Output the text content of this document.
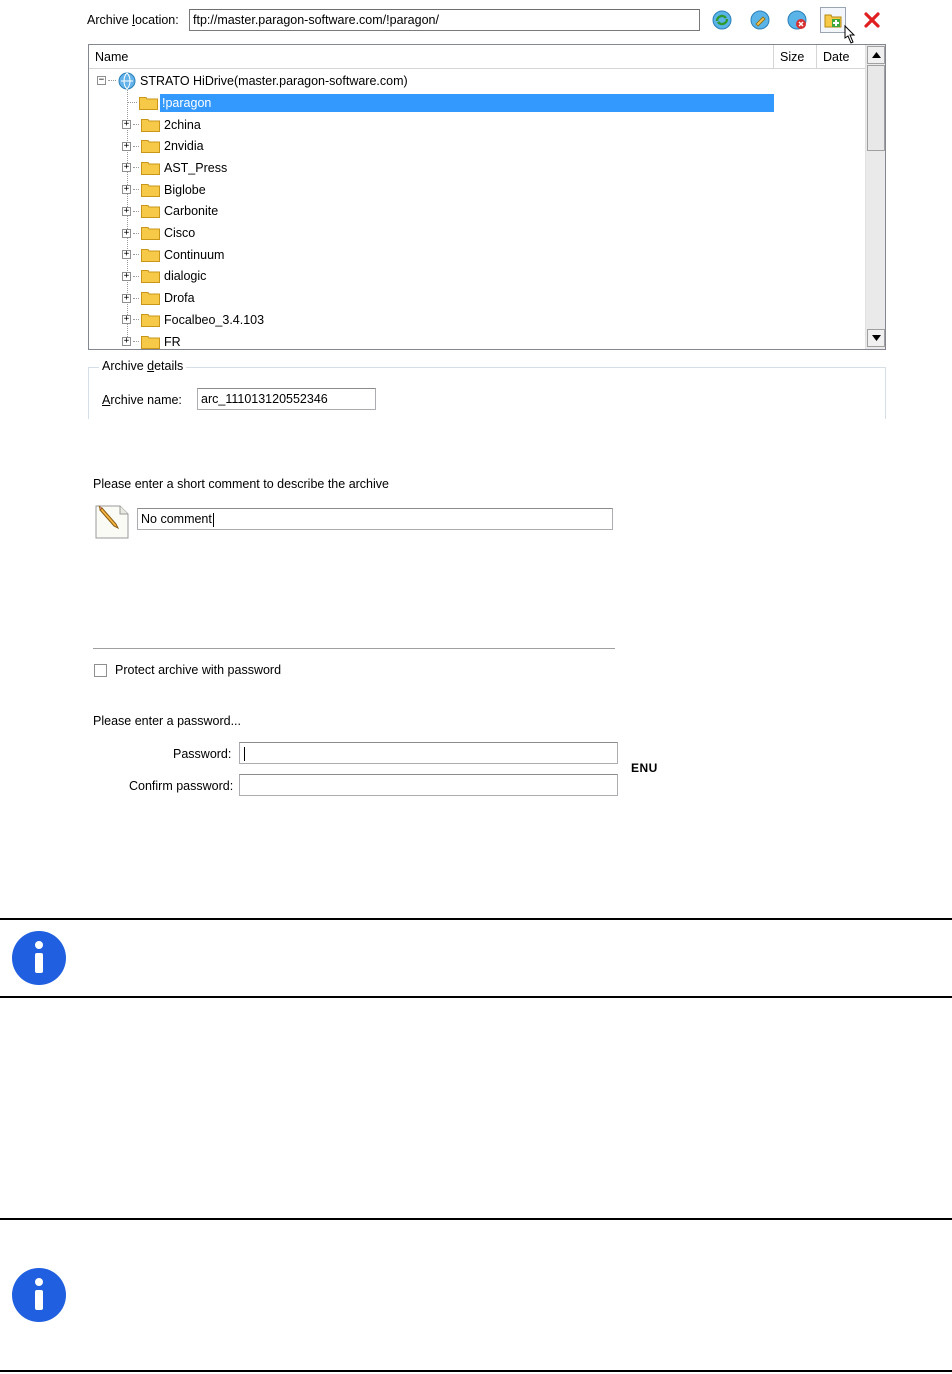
Archive location:	ftp://master.paragon-software.com/!paragon/
Name	Size	Date
−	STRATO HiDrive(master.paragon-software.com)
!paragon
+	2china
+	2nvidia
+	AST_Press
+	Biglobe
+	Carbonite
+	Cisco
+	Continuum
+	dialogic
+	Drofa
+	Focalbeo_3.4.103
+	FR
Archive details
Archive name:	arc_111013120552346
Please enter a short comment to describe the archive
No comment
Protect archive with password
Please enter a password...
Password:
Confirm password:
ENU
